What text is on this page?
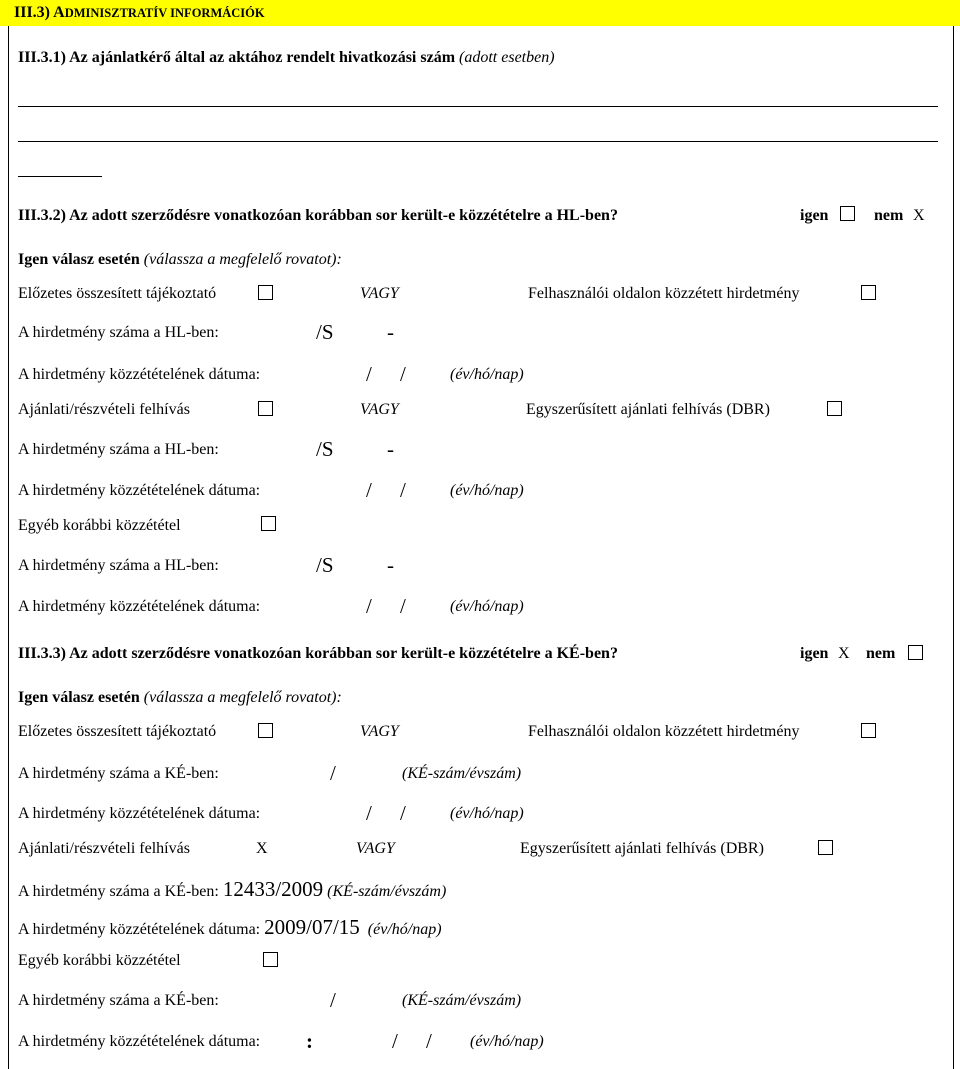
III.3) ADMINISZTRATÍV INFORMÁCIÓK
III.3.1) Az ajánlatkérő által az aktához rendelt hivatkozási szám (adott esetben)
III.3.2) Az adott szerződésre vonatkozóan korábban sor került-e közzétételre a HL-ben?	igen	nem X
Igen válasz esetén (válassza a megfelelő rovatot):
Előzetes összesített tájékoztató	VAGY	Felhasználói oldalon közzétett hirdetmény
A hirdetmény száma a HL-ben:	/S	-
A hirdetmény közzétételének dátuma:	/ /	(év/hó/nap)
Ajánlati/részvételi felhívás	VAGY	Egyszerűsített ajánlati felhívás (DBR)
A hirdetmény száma a HL-ben:	/S	-
A hirdetmény közzétételének dátuma:	/ /	(év/hó/nap)
Egyéb korábbi közzététel
A hirdetmény száma a HL-ben:	/S	-
A hirdetmény közzétételének dátuma:	/ /	(év/hó/nap)
III.3.3) Az adott szerződésre vonatkozóan korábban sor került-e közzétételre a KÉ-ben?	igen X nem
Igen válasz esetén (válassza a megfelelő rovatot):
Előzetes összesített tájékoztató	VAGY	Felhasználói oldalon közzétett hirdetmény
A hirdetmény száma a KÉ-ben:	/	(KÉ-szám/évszám)
A hirdetmény közzétételének dátuma:	/ /	(év/hó/nap)
Ajánlati/részvételi felhívás	X	VAGY	Egyszerűsített ajánlati felhívás (DBR)
A hirdetmény száma a KÉ-ben: 12433/2009 (KÉ-szám/évszám)
A hirdetmény közzétételének dátuma: 2009/07/15 (év/hó/nap)
Egyéb korábbi közzététel
A hirdetmény száma a KÉ-ben:	/	(KÉ-szám/évszám)
A hirdetmény közzétételének dátuma: :	/ / (év/hó/nap)
